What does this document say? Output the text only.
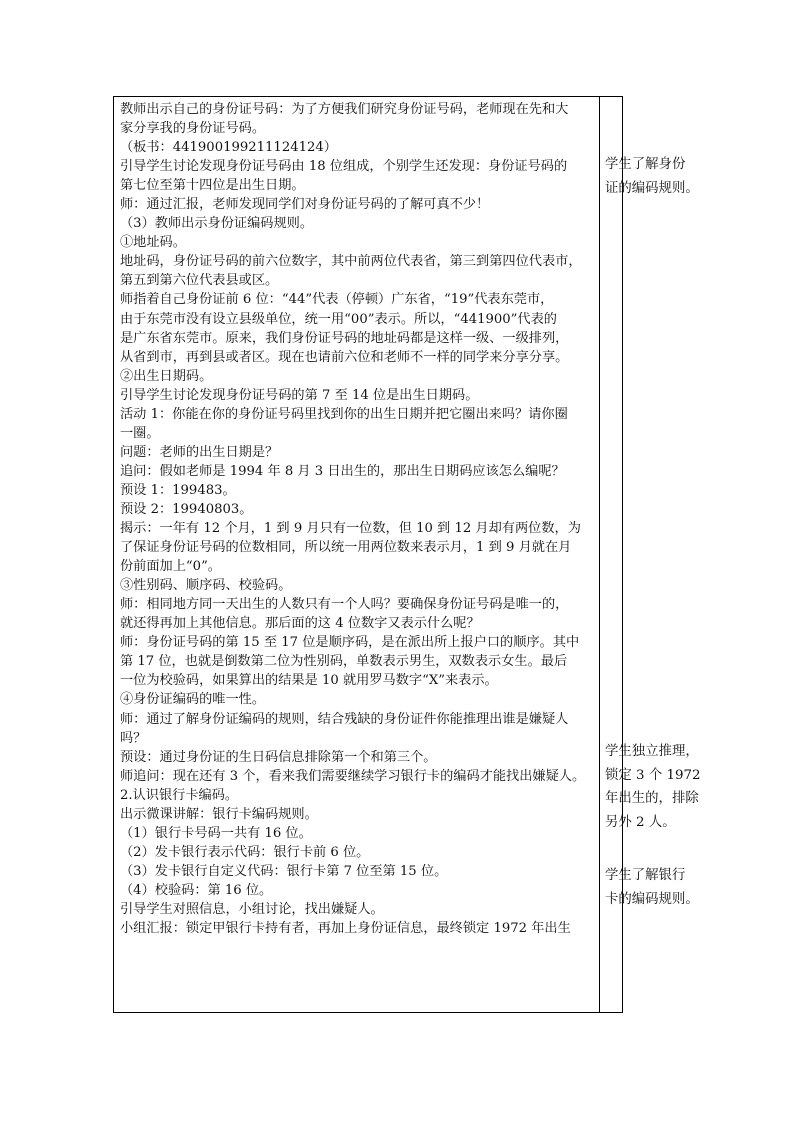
教师出示自己的身份证号码：为了方便我们研究身份证号码，老师现在先和大
家分享我的身份证号码。
（板书：441900199211124124）
引导学生讨论发现身份证号码由 18 位组成，个别学生还发现：身份证号码的
第七位至第十四位是出生日期。
师：通过汇报，老师发现同学们对身份证号码的了解可真不少！
（3）教师出示身份证编码规则。
①地址码。
地址码，身份证号码的前六位数字，其中前两位代表省，第三到第四位代表市，
第五到第六位代表县或区。
师指着自己身份证前 6 位：“44”代表（停顿）广东省，“19”代表东莞市，
由于东莞市没有设立县级单位，统一用“00”表示。所以，“441900”代表的
是广东省东莞市。原来，我们身份证号码的地址码都是这样一级、一级排列，
从省到市，再到县或者区。现在也请前六位和老师不一样的同学来分享分享。
②出生日期码。
引导学生讨论发现身份证号码的第 7 至 14 位是出生日期码。
活动 1：你能在你的身份证号码里找到你的出生日期并把它圈出来吗？请你圈
一圈。
问题：老师的出生日期是？
追问：假如老师是 1994 年 8 月 3 日出生的，那出生日期码应该怎么编呢？
预设 1：199483。
预设 2：19940803。
揭示：一年有 12 个月，1 到 9 月只有一位数，但 10 到 12 月却有两位数，为
了保证身份证号码的位数相同，所以统一用两位数来表示月，1 到 9 月就在月
份前面加上“0”。
③性别码、顺序码、校验码。
师：相同地方同一天出生的人数只有一个人吗？要确保身份证号码是唯一的，
就还得再加上其他信息。那后面的这 4 位数字又表示什么呢？
师：身份证号码的第 15 至 17 位是顺序码，是在派出所上报户口的顺序。其中
第 17 位，也就是倒数第二位为性别码，单数表示男生，双数表示女生。最后
一位为校验码，如果算出的结果是 10 就用罗马数字“X”来表示。
④身份证编码的唯一性。
师：通过了解身份证编码的规则，结合残缺的身份证件你能推理出谁是嫌疑人
吗？
预设：通过身份证的生日码信息排除第一个和第三个。
师追问：现在还有 3 个，看来我们需要继续学习银行卡的编码才能找出嫌疑人。
2.认识银行卡编码。
出示微课讲解：银行卡编码规则。
（1）银行卡号码一共有 16 位。
（2）发卡银行表示代码：银行卡前 6 位。
（3）发卡银行自定义代码：银行卡第 7 位至第 15 位。
（4）校验码：第 16 位。
引导学生对照信息，小组讨论，找出嫌疑人。
小组汇报：锁定甲银行卡持有者，再加上身份证信息，最终锁定 1972 年出生
学生了解身份
证的编码规则。
学生独立推理，
锁定 3 个 1972
年出生的，排除
另外 2 人。
学生了解银行
卡的编码规则。
